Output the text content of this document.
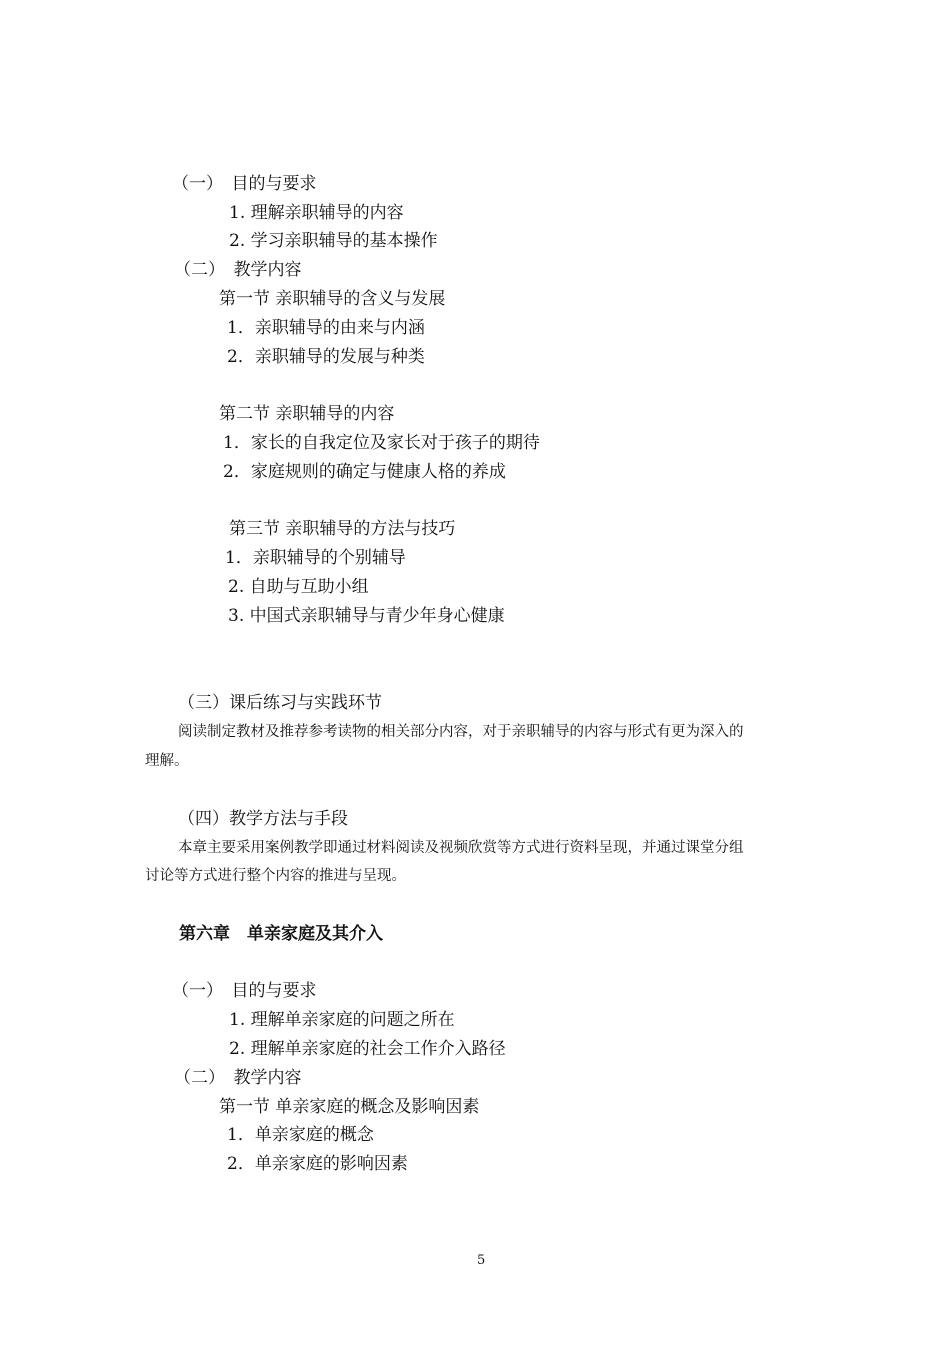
（一）　目的与要求
1. 理解亲职辅导的内容
2. 学习亲职辅导的基本操作
（二）　教学内容
第一节 亲职辅导的含义与发展
1．亲职辅导的由来与内涵
2．亲职辅导的发展与种类
第二节 亲职辅导的内容
1．家长的自我定位及家长对于孩子的期待
2．家庭规则的确定与健康人格的养成
第三节 亲职辅导的方法与技巧
1．亲职辅导的个别辅导
2. 自助与互助小组
3. 中国式亲职辅导与青少年身心健康
（三）课后练习与实践环节
阅读制定教材及推荐参考读物的相关部分内容，对于亲职辅导的内容与形式有更为深入的
理解。
（四）教学方法与手段
本章主要采用案例教学即通过材料阅读及视频欣赏等方式进行资料呈现，并通过课堂分组
讨论等方式进行整个内容的推进与呈现。
第六章　单亲家庭及其介入
（一）　目的与要求
1. 理解单亲家庭的问题之所在
2. 理解单亲家庭的社会工作介入路径
（二）　教学内容
第一节 单亲家庭的概念及影响因素
1．单亲家庭的概念
2．单亲家庭的影响因素
5
